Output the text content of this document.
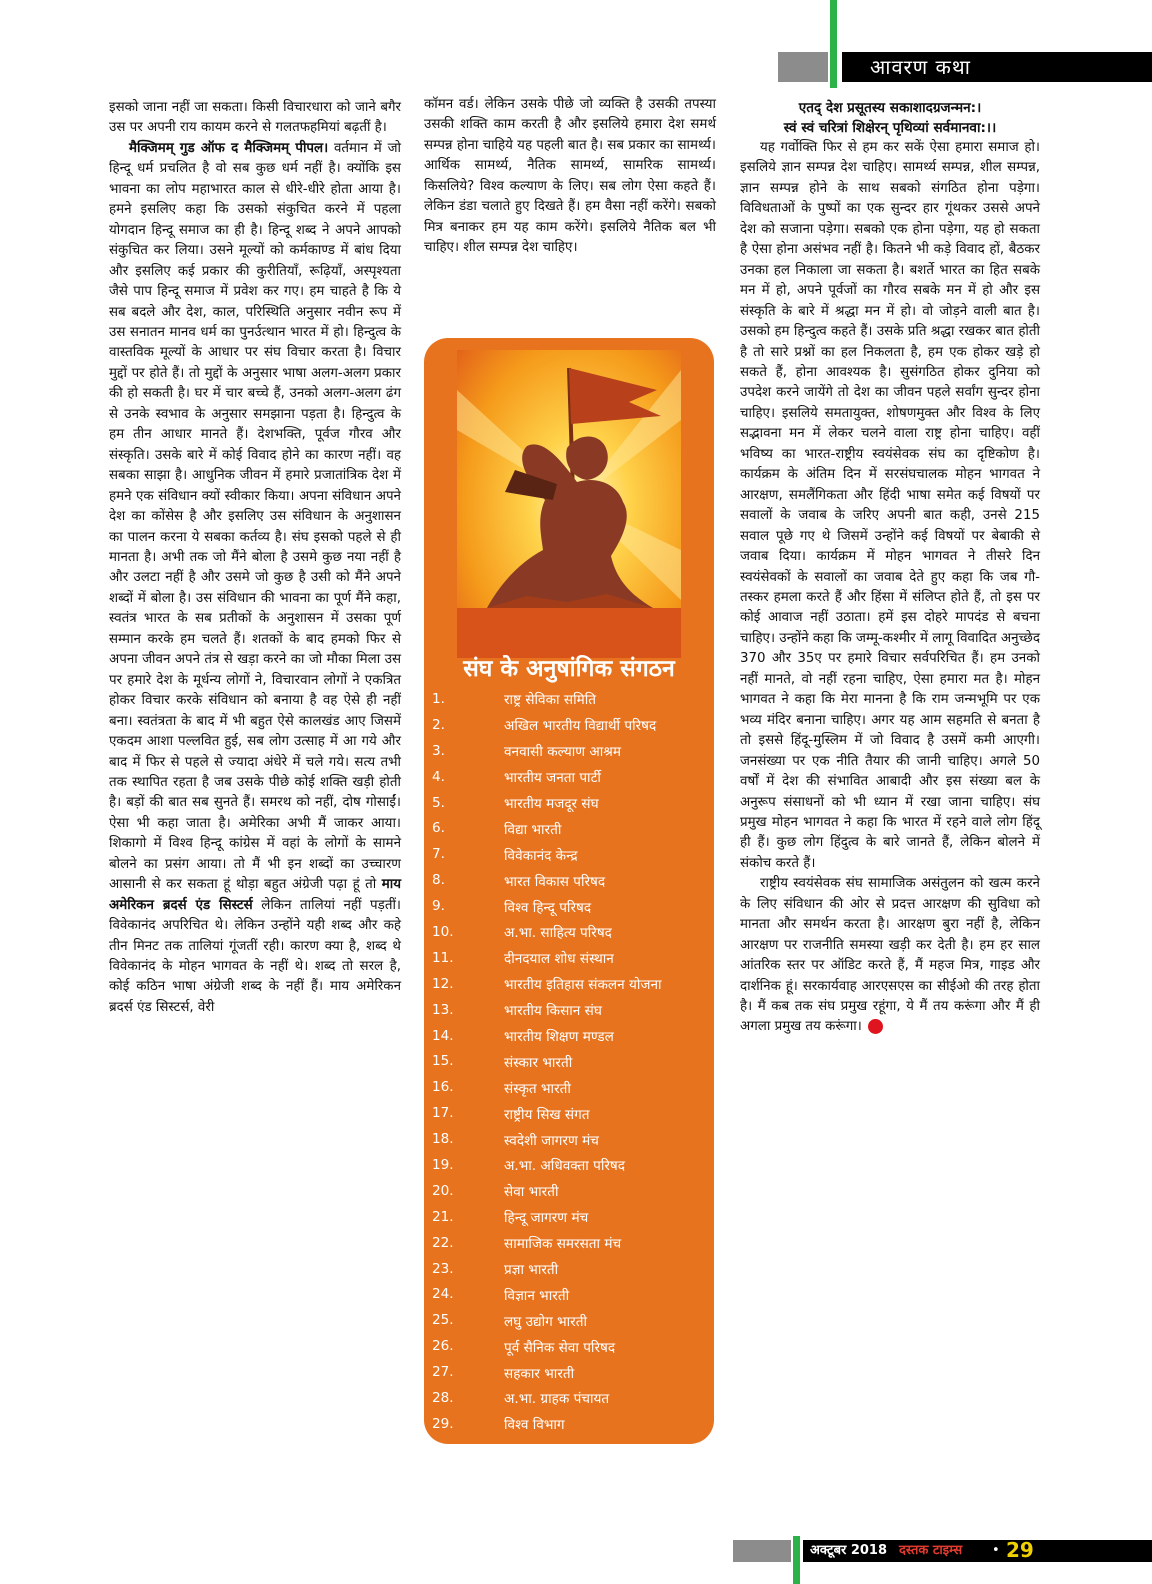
आवरण कथा

इसको जाना नहीं जा सकता। किसी विचारधारा को जाने बगैर उस पर अपनी राय कायम करने से गलतफहमियां बढ़तीं है।

मैक्जिमम् गुड ऑफ द मैक्जिमम् पीपल। वर्तमान में जो हिन्दू धर्म प्रचलित है वो सब कुछ धर्म नहीं है। क्योंकि इस भावना का लोप महाभारत काल से धीरे-धीरे होता आया है। हमने इसलिए कहा कि उसको संकुचित करने में पहला योगदान हिन्दू समाज का ही है। हिन्दू शब्द ने अपने आपको संकुचित कर लिया। उसने मूल्यों को कर्मकाण्ड में बांध दिया और इसलिए कई प्रकार की कुरीतियाँ, रूढ़ियाँ, अस्पृश्यता जैसे पाप हिन्दू समाज में प्रवेश कर गए। हम चाहते है कि ये सब बदले और देश, काल, परिस्थिति अनुसार नवीन रूप में उस सनातन मानव धर्म का पुनर्उत्थान भारत में हो। हिन्दुत्व के वास्तविक मूल्यों के आधार पर संघ विचार करता है। विचार मुद्दों पर होते हैं। तो मुद्दों के अनुसार भाषा अलग-अलग प्रकार की हो सकती है। घर में चार बच्चे हैं, उनको अलग-अलग ढंग से उनके स्वभाव के अनुसार समझाना पड़ता है। हिन्दुत्व के हम तीन आधार मानते हैं। देशभक्ति, पूर्वज गौरव और संस्कृति। उसके बारे में कोई विवाद होने का कारण नहीं। वह सबका साझा है। आधुनिक जीवन में हमारे प्रजातांत्रिक देश में हमने एक संविधान क्यों स्वीकार किया। अपना संविधान अपने देश का कोंसेस है और इसलिए उस संविधान के अनुशासन का पालन करना ये सबका कर्तव्य है। संघ इसको पहले से ही मानता है। अभी तक जो मैंने बोला है उसमे कुछ नया नहीं है और उलटा नहीं है और उसमे जो कुछ है उसी को मैंने अपने शब्दों में बोला है। उस संविधान की भावना का पूर्ण मैंने कहा, स्वतंत्र भारत के सब प्रतीकों के अनुशासन में उसका पूर्ण सम्मान करके हम चलते हैं। शतकों के बाद हमको फिर से अपना जीवन अपने तंत्र से खड़ा करने का जो मौका मिला उस पर हमारे देश के मूर्धन्य लोगों ने, विचारवान लोगों ने एकत्रित होकर विचार करके संविधान को बनाया है वह ऐसे ही नहीं बना। स्वतंत्रता के बाद में भी बहुत ऐसे कालखंड आए जिसमें एकदम आशा पल्लवित हुई, सब लोग उत्साह में आ गये और बाद में फिर से पहले से ज्यादा अंधेरे में चले गये। सत्य तभी तक स्थापित रहता है जब उसके पीछे कोई शक्ति खड़ी होती है। बड़ों की बात सब सुनते हैं। समरथ को नहीं, दोष गोसाईं। ऐसा भी कहा जाता है। अमेरिका अभी मैं जाकर आया। शिकागो में विश्व हिन्दू कांग्रेस में वहां के लोगों के सामने बोलने का प्रसंग आया। तो मैं भी इन शब्दों का उच्चारण आसानी से कर सकता हूं थोड़ा बहुत अंग्रेजी पढ़ा हूं तो माय अमेरिकन ब्रदर्स एंड सिस्टर्स लेकिन तालियां नहीं पड़तीं। विवेकानंद अपरिचित थे। लेकिन उन्होंने यही शब्द और कहे तीन मिनट तक तालियां गूंजतीं रही। कारण क्या है, शब्द थे विवेकानंद के मोहन भागवत के नहीं थे। शब्द तो सरल है, कोई कठिन भाषा अंग्रेजी शब्द के नहीं हैं। माय अमेरिकन ब्रदर्स एंड सिस्टर्स, वेरी

कॉमन वर्ड। लेकिन उसके पीछे जो व्यक्ति है उसकी तपस्या उसकी शक्ति काम करती है और इसलिये हमारा देश समर्थ सम्पन्न होना चाहिये यह पहली बात है। सब प्रकार का सामर्थ्य। आर्थिक सामर्थ्य, नैतिक सामर्थ्य, सामरिक सामर्थ्य। किसलिये? विश्व कल्याण के लिए। सब लोग ऐसा कहते हैं। लेकिन डंडा चलाते हुए दिखते हैं। हम वैसा नहीं करेंगे। सबको मित्र बनाकर हम यह काम करेंगे। इसलिये नैतिक बल भी चाहिए। शील सम्पन्न देश चाहिए।

संघ के अनुषांगिक संगठन
1.	राष्ट्र सेविका समिति
2.	अखिल भारतीय विद्यार्थी परिषद
3.	वनवासी कल्याण आश्रम
4.	भारतीय जनता पार्टी
5.	भारतीय मजदूर संघ
6.	विद्या भारती
7.	विवेकानंद केन्द्र
8.	भारत विकास परिषद
9.	विश्व हिन्दू परिषद
10.	अ.भा. साहित्य परिषद
11.	दीनदयाल शोध संस्थान
12.	भारतीय इतिहास संकलन योजना
13.	भारतीय किसान संघ
14.	भारतीय शिक्षण मण्डल
15.	संस्कार भारती
16.	संस्कृत भारती
17.	राष्ट्रीय सिख संगत
18.	स्वदेशी जागरण मंच
19.	अ.भा. अधिवक्ता परिषद
20.	सेवा भारती
21.	हिन्दू जागरण मंच
22.	सामाजिक समरसता मंच
23.	प्रज्ञा भारती
24.	विज्ञान भारती
25.	लघु उद्योग भारती
26.	पूर्व सैनिक सेवा परिषद
27.	सहकार भारती
28.	अ.भा. ग्राहक पंचायत
29.	विश्व विभाग
30.	प्रचार माध्यम

एतद् देश प्रसूतस्य सकाशादग्रजन्मन:।

स्वं स्वं चरित्रां शिक्षेरन् पृथिव्यां सर्वमानवा:।।

यह गर्वोक्ति फिर से हम कर सकें ऐसा हमारा समाज हो। इसलिये ज्ञान सम्पन्न देश चाहिए। सामर्थ्य सम्पन्न, शील सम्पन्न, ज्ञान सम्पन्न होने के साथ सबको संगठित होना पड़ेगा। विविधताओं के पुष्पों का एक सुन्दर हार गूंथकर उससे अपने देश को सजाना पड़ेगा। सबको एक होना पड़ेगा, यह हो सकता है ऐसा होना असंभव नहीं है। कितने भी कड़े विवाद हों, बैठकर उनका हल निकाला जा सकता है। बशर्ते भारत का हित सबके मन में हो, अपने पूर्वजों का गौरव सबके मन में हो और इस संस्कृति के बारे में श्रद्धा मन में हो। वो जोड़ने वाली बात है। उसको हम हिन्दुत्व कहते हैं। उसके प्रति श्रद्धा रखकर बात होती है तो सारे प्रश्नों का हल निकलता है, हम एक होकर खड़े हो सकते हैं, होना आवश्यक है। सुसंगठित होकर दुनिया को उपदेश करने जायेंगे तो देश का जीवन पहले सर्वांग सुन्दर होना चाहिए। इसलिये समतायुक्त, शोषणमुक्त और विश्व के लिए सद्भावना मन में लेकर चलने वाला राष्ट्र होना चाहिए। वहीं भविष्य का भारत-राष्ट्रीय स्वयंसेवक संघ का दृष्टिकोण है। कार्यक्रम के अंतिम दिन में सरसंघचालक मोहन भागवत ने आरक्षण, समलैंगिकता और हिंदी भाषा समेत कई विषयों पर सवालों के जवाब के जरिए अपनी बात कही, उनसे 215 सवाल पूछे गए थे जिसमें उन्होंने कई विषयों पर बेबाकी से जवाब दिया। कार्यक्रम में मोहन भागवत ने तीसरे दिन स्वयंसेवकों के सवालों का जवाब देते हुए कहा कि जब गौ-तस्कर हमला करते हैं और हिंसा में संलिप्त होते हैं, तो इस पर कोई आवाज नहीं उठाता। हमें इस दोहरे मापदंड से बचना चाहिए। उन्होंने कहा कि जम्मू-कश्मीर में लागू विवादित अनुच्छेद 370 और 35ए पर हमारे विचार सर्वपरिचित हैं। हम उनको नहीं मानते, वो नहीं रहना चाहिए, ऐसा हमारा मत है। मोहन भागवत ने कहा कि मेरा मानना है कि राम जन्मभूमि पर एक भव्य मंदिर बनाना चाहिए। अगर यह आम सहमति से बनता है तो इससे हिंदू-मुस्लिम में जो विवाद है उसमें कमी आएगी। जनसंख्या पर एक नीति तैयार की जानी चाहिए। अगले 50 वर्षों में देश की संभावित आबादी और इस संख्या बल के अनुरूप संसाधनों को भी ध्यान में रखा जाना चाहिए। संघ प्रमुख मोहन भागवत ने कहा कि भारत में रहने वाले लोग हिंदू ही हैं। कुछ लोग हिंदुत्व के बारे जानते हैं, लेकिन बोलने में संकोच करते हैं।

राष्ट्रीय स्वयंसेवक संघ सामाजिक असंतुलन को खत्म करने के लिए संविधान की ओर से प्रदत्त आरक्षण की सुविधा को मानता और समर्थन करता है। आरक्षण बुरा नहीं है, लेकिन आरक्षण पर राजनीति समस्या खड़ी कर देती है। हम हर साल आंतरिक स्तर पर ऑडिट करते हैं, मैं महज मित्र, गाइड और दार्शनिक हूं। सरकार्यवाह आरएसएस का सीईओ की तरह होता है। मैं कब तक संघ प्रमुख रहूंगा, ये मैं तय करूंगा और मैं ही अगला प्रमुख तय करूंगा।

अक्टूबर 2018 दस्तक टाइम्स • 29
